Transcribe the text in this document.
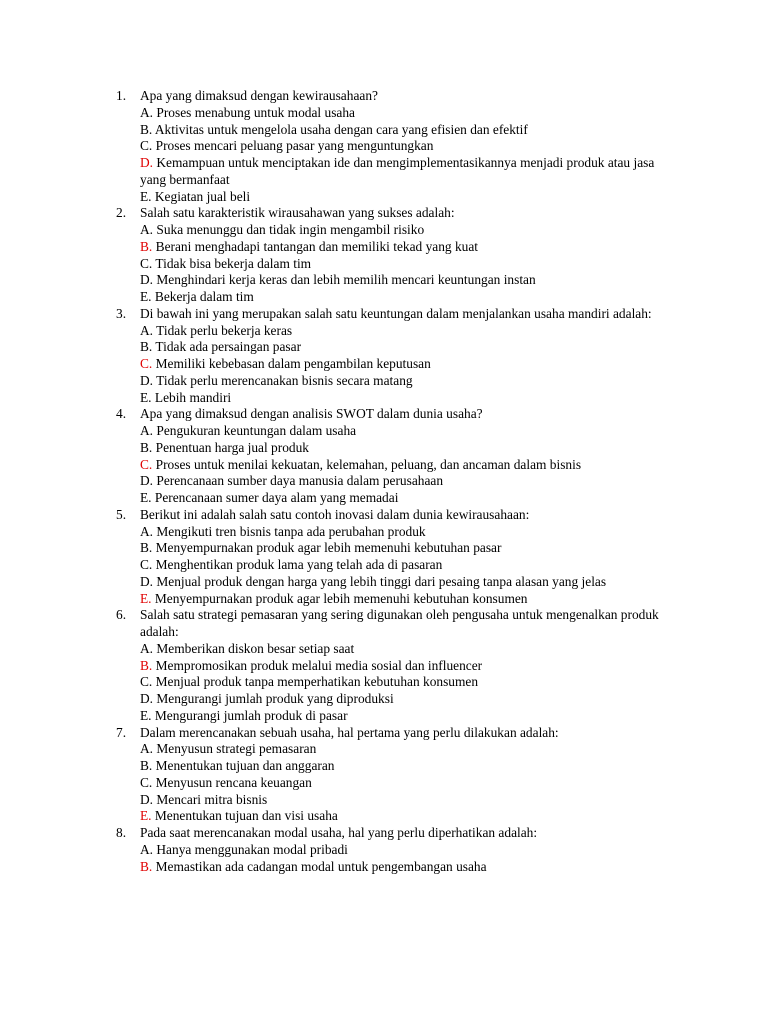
1. Apa yang dimaksud dengan kewirausahaan?
A. Proses menabung untuk modal usaha
B. Aktivitas untuk mengelola usaha dengan cara yang efisien dan efektif
C. Proses mencari peluang pasar yang menguntungkan
D. Kemampuan untuk menciptakan ide dan mengimplementasikannya menjadi produk atau jasa yang bermanfaat
E. Kegiatan jual beli
2. Salah satu karakteristik wirausahawan yang sukses adalah:
A. Suka menunggu dan tidak ingin mengambil risiko
B. Berani menghadapi tantangan dan memiliki tekad yang kuat
C. Tidak bisa bekerja dalam tim
D. Menghindari kerja keras dan lebih memilih mencari keuntungan instan
E. Bekerja dalam tim
3. Di bawah ini yang merupakan salah satu keuntungan dalam menjalankan usaha mandiri adalah:
A. Tidak perlu bekerja keras
B. Tidak ada persaingan pasar
C. Memiliki kebebasan dalam pengambilan keputusan
D. Tidak perlu merencanakan bisnis secara matang
E. Lebih mandiri
4. Apa yang dimaksud dengan analisis SWOT dalam dunia usaha?
A. Pengukuran keuntungan dalam usaha
B. Penentuan harga jual produk
C. Proses untuk menilai kekuatan, kelemahan, peluang, dan ancaman dalam bisnis
D. Perencanaan sumber daya manusia dalam perusahaan
E. Perencanaan sumer daya alam yang memadai
5. Berikut ini adalah salah satu contoh inovasi dalam dunia kewirausahaan:
A. Mengikuti tren bisnis tanpa ada perubahan produk
B. Menyempurnakan produk agar lebih memenuhi kebutuhan pasar
C. Menghentikan produk lama yang telah ada di pasaran
D. Menjual produk dengan harga yang lebih tinggi dari pesaing tanpa alasan yang jelas
E. Menyempurnakan produk agar lebih memenuhi kebutuhan konsumen
6. Salah satu strategi pemasaran yang sering digunakan oleh pengusaha untuk mengenalkan produk adalah:
A. Memberikan diskon besar setiap saat
B. Mempromosikan produk melalui media sosial dan influencer
C. Menjual produk tanpa memperhatikan kebutuhan konsumen
D. Mengurangi jumlah produk yang diproduksi
E. Mengurangi jumlah produk di pasar
7. Dalam merencanakan sebuah usaha, hal pertama yang perlu dilakukan adalah:
A. Menyusun strategi pemasaran
B. Menentukan tujuan dan anggaran
C. Menyusun rencana keuangan
D. Mencari mitra bisnis
E. Menentukan tujuan dan visi usaha
8. Pada saat merencanakan modal usaha, hal yang perlu diperhatikan adalah:
A. Hanya menggunakan modal pribadi
B. Memastikan ada cadangan modal untuk pengembangan usaha
